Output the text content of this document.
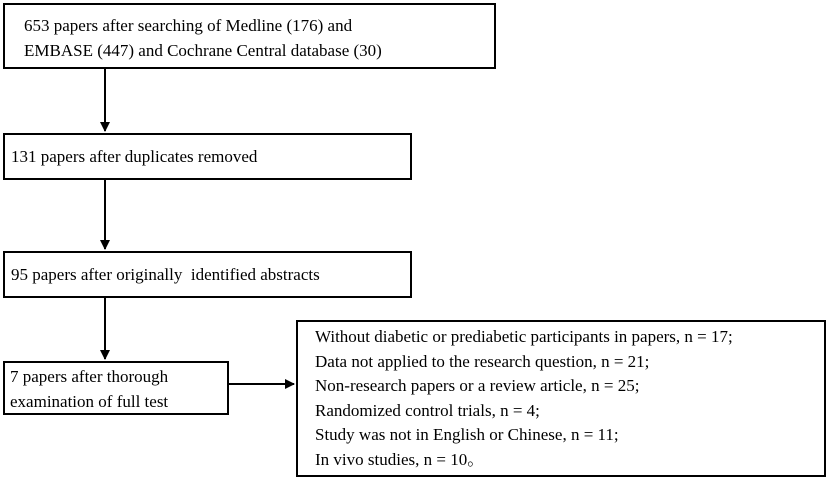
653 papers after searching of Medline (176) and
EMBASE (447) and Cochrane Central database (30)
131 papers after duplicates removed
95 papers after originally  identified abstracts
7 papers after thorough
examination of full test
Without diabetic or prediabetic participants in papers, n = 17;
Data not applied to the research question, n = 21;
Non-research papers or a review article, n = 25;
Randomized control trials, n = 4;
Study was not in English or Chinese, n = 11;
In vivo studies, n = 10。
